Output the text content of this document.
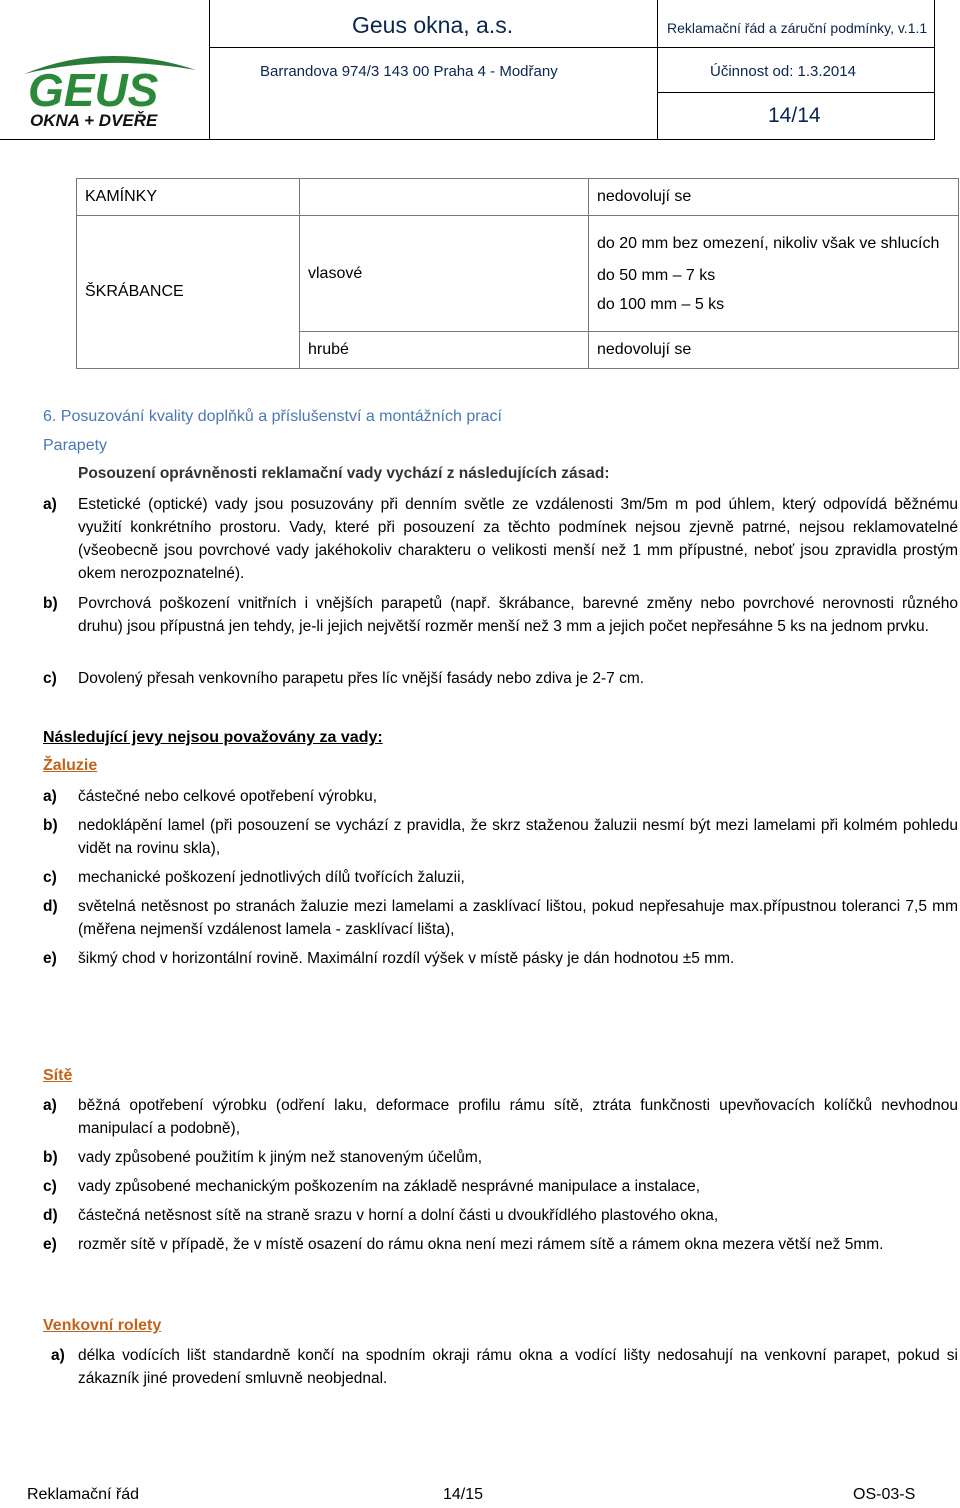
GEUS
OKNA + DVEŘE
Geus okna, a.s.	Reklamační řád a záruční podmínky, v.1.1
Barrandova 974/3 143 00 Praha 4 - Modřany	Účinnost od: 1.3.2014
14/14
KAMÍNKY		nedovolují se
ŠKRÁBANCE	vlasové	do 20 mm bez omezení, nikoliv však ve shlucích

do 50 mm – 7 ks

do 100 mm – 5 ks

	hrubé	nedovolují se
6. Posuzování kvality doplňků a příslušenství a montážních prací
Parapety
Posouzení oprávněnosti reklamační vady vychází z následujících zásad:
a) Estetické (optické) vady jsou posuzovány při denním světle ze vzdálenosti 3m/5m m pod úhlem, který odpovídá běžnému využití konkrétního prostoru. Vady, které při posouzení za těchto podmínek nejsou zjevně patrné, nejsou reklamovatelné (všeobecně jsou povrchové vady jakéhokoliv charakteru o velikosti menší než 1 mm přípustné, neboť jsou zpravidla prostým okem nerozpoznatelné).
b) Povrchová poškození vnitřních i vnějších parapetů (např. škrábance, barevné změny nebo povrchové nerovnosti různého druhu) jsou přípustná jen tehdy, je-li jejich největší rozměr menší než 3 mm a jejich počet nepřesáhne 5 ks na jednom prvku.
c) Dovolený přesah venkovního parapetu přes líc vnější fasády nebo zdiva je 2-7 cm.
Následující jevy nejsou považovány za vady:
Žaluzie
a) částečné nebo celkové opotřebení výrobku,
b) nedoklápění lamel (při posouzení se vychází z pravidla, že skrz staženou žaluzii nesmí být mezi lamelami při kolmém pohledu vidět na rovinu skla),
c) mechanické poškození jednotlivých dílů tvořících žaluzii,
d) světelná netěsnost po stranách žaluzie mezi lamelami a zasklívací lištou, pokud nepřesahuje max.přípustnou toleranci 7,5 mm (měřena nejmenší vzdálenost lamela - zasklívací lišta),
e) šikmý chod v horizontální rovině. Maximální rozdíl výšek v místě pásky je dán hodnotou ±5 mm.
Sítě
a) běžná opotřebení výrobku (odření laku, deformace profilu rámu sítě, ztráta funkčnosti upevňovacích kolíčků nevhodnou manipulací a podobně),
b) vady způsobené použitím k jiným než stanoveným účelům,
c) vady způsobené mechanickým poškozením na základě nesprávné manipulace a instalace,
d) částečná netěsnost sítě na straně srazu v horní a dolní části u dvoukřídlého plastového okna,
e) rozměr sítě v případě, že v místě osazení do rámu okna není mezi rámem sítě a rámem okna mezera větší než 5mm.
Venkovní rolety
a) délka vodících lišt standardně končí na spodním okraji rámu okna a vodící lišty nedosahují na venkovní parapet, pokud si zákazník jiné provedení smluvně neobjednal.
Reklamační řád	14/15	OS-03-S
